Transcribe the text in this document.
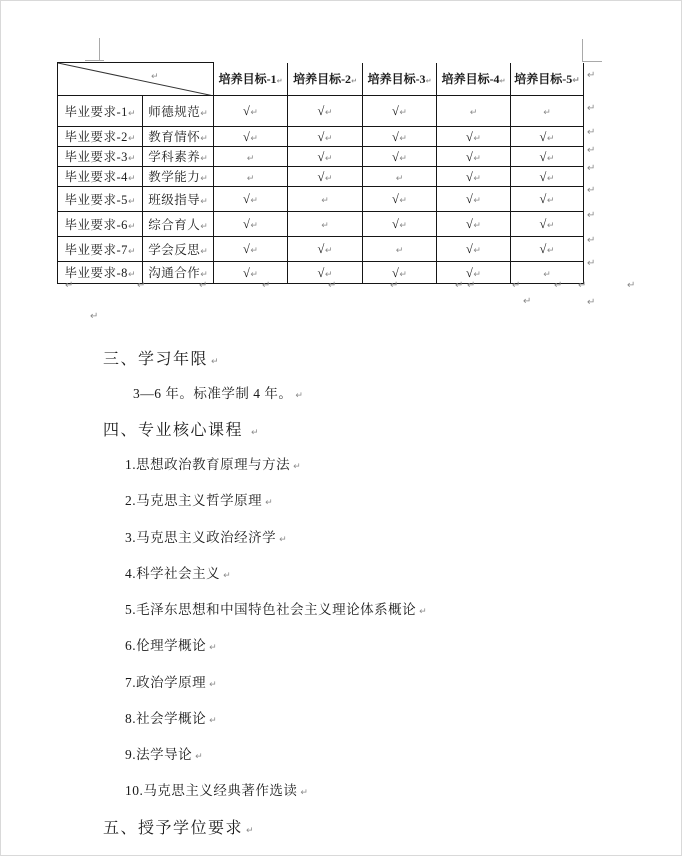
↵		培养目标-1↵	培养目标-2↵	培养目标-3↵	培养目标-4↵	培养目标-5↵
毕业要求-1↵	师德规范↵	√↵	√↵	√↵	↵	↵
毕业要求-2↵	教育情怀↵	√↵	√↵	√↵	√↵	√↵
毕业要求-3↵	学科素养↵	↵	√↵	√↵	√↵	√↵
毕业要求-4↵	教学能力↵	↵	√↵	↵	√↵	√↵
毕业要求-5↵	班级指导↵	√↵	↵	√↵	√↵	√↵
毕业要求-6↵	综合育人↵	√↵	↵	√↵	√↵	√↵
毕业要求-7↵	学会反思↵	√↵	√↵	↵	√↵	√↵
毕业要求-8↵	沟通合作↵	√↵	√↵	√↵	√↵	↵
↵
↵
↵
↵
↵
↵
↵
↵
↵
↵	↵	↵	↵	↵	↵	↵ ↵	↵	↵ ↵	↵
↵	↵
↵
三、学习年限 ↵
3—6 年。标准学制 4 年。 ↵
四、专业核心课程 ↵
1.思想政治教育原理与方法 ↵
2.马克思主义哲学原理 ↵
3.马克思主义政治经济学 ↵
4.科学社会主义 ↵
5.毛泽东思想和中国特色社会主义理论体系概论 ↵
6.伦理学概论 ↵
7.政治学原理 ↵
8.社会学概论 ↵
9.法学导论 ↵
10.马克思主义经典著作选读 ↵
五、授予学位要求 ↵
